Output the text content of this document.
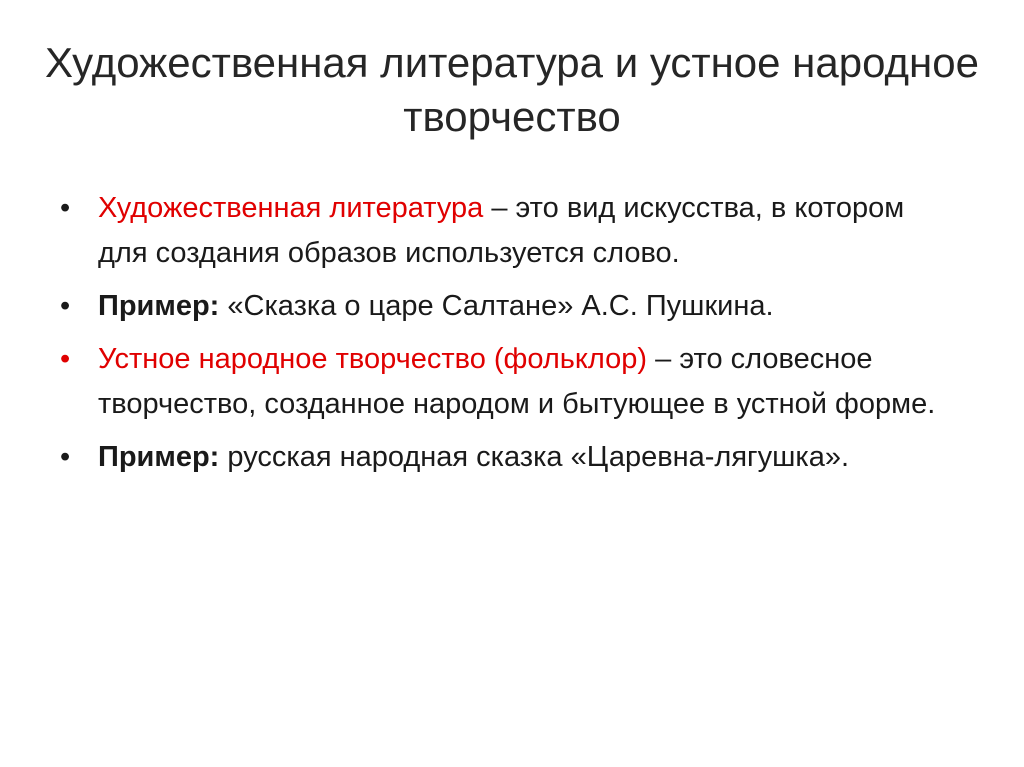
Художественная литература и устное народное творчество
• Художественная литература – это вид искусства, в котором для создания образов используется слово.
• Пример: «Сказка о царе Салтане» А.С. Пушкина.
• Устное народное творчество (фольклор) – это словесное творчество, созданное народом и бытующее в устной форме.
• Пример: русская народная сказка «Царевна-лягушка».
